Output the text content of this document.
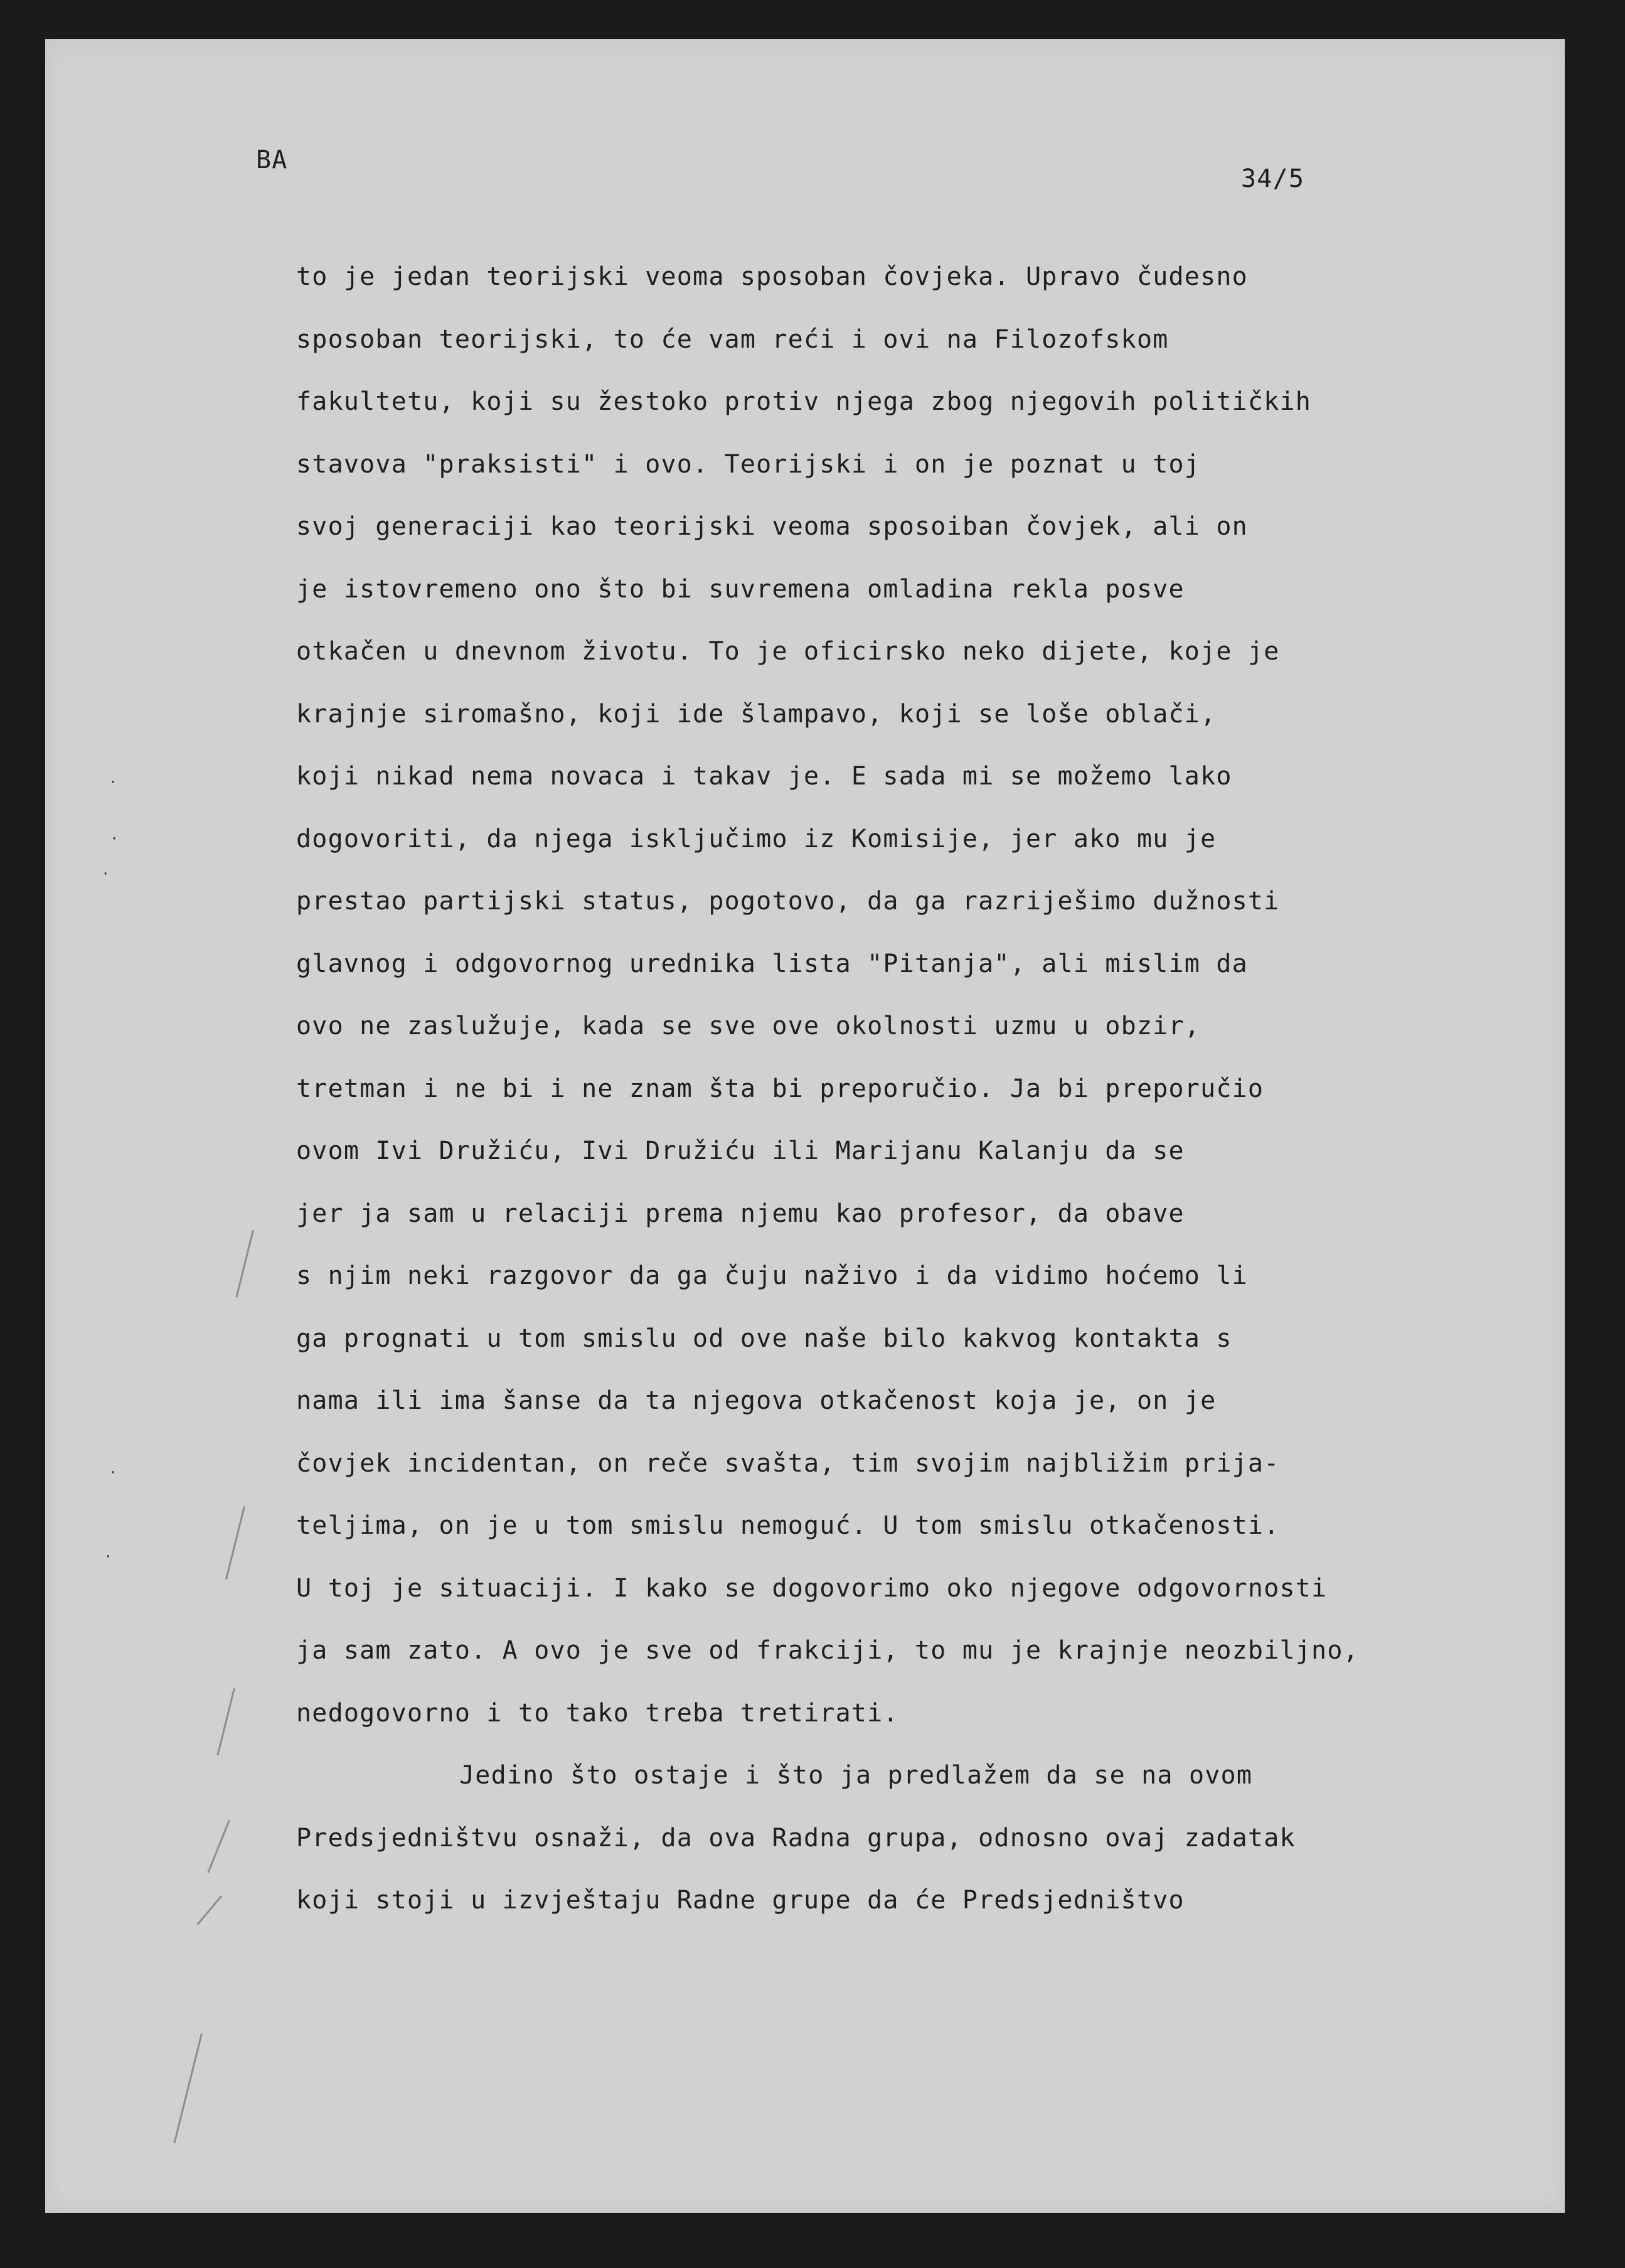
BA
34/5
to je jedan teorijski veoma sposoban čovjeka. Upravo čudesno
sposoban teorijski, to će vam reći i ovi na Filozofskom
fakultetu, koji su žestoko protiv njega zbog njegovih političkih
stavova "praksisti" i ovo. Teorijski i on je poznat u toj
svoj generaciji kao teorijski veoma sposoiban čovjek, ali on
je istovremeno ono što bi suvremena omladina rekla posve
otkačen u dnevnom životu. To je oficirsko neko dijete, koje je
krajnje siromašno, koji ide šlampavo, koji se loše oblači,
koji nikad nema novaca i takav je. E sada mi se možemo lako
dogovoriti, da njega isključimo iz Komisije, jer ako mu je
prestao partijski status, pogotovo, da ga razriješimo dužnosti
glavnog i odgovornog urednika lista "Pitanja", ali mislim da
ovo ne zaslužuje, kada se sve ove okolnosti uzmu u obzir,
tretman i ne bi i ne znam šta bi preporučio. Ja bi preporučio
ovom Ivi Družiću, Ivi Družiću ili Marijanu Kalanju da se
jer ja sam u relaciji prema njemu kao profesor, da obave
s njim neki razgovor da ga čuju naživo i da vidimo hoćemo li
ga prognati u tom smislu od ove naše bilo kakvog kontakta s
nama ili ima šanse da ta njegova otkačenost koja je, on je
čovjek incidentan, on reče svašta, tim svojim najbližim prija-
teljima, on je u tom smislu nemoguć. U tom smislu otkačenosti.
U toj je situaciji. I kako se dogovorimo oko njegove odgovornosti
ja sam zato. A ovo je sve od frakciji, to mu je krajnje neozbiljno,
nedogovorno i to tako treba tretirati.
Jedino što ostaje i što ja predlažem da se na ovom
Predsjedništvu osnaži, da ova Radna grupa, odnosno ovaj zadatak
koji stoji u izvještaju Radne grupe da će Predsjedništvo
·
·
·
·
·
